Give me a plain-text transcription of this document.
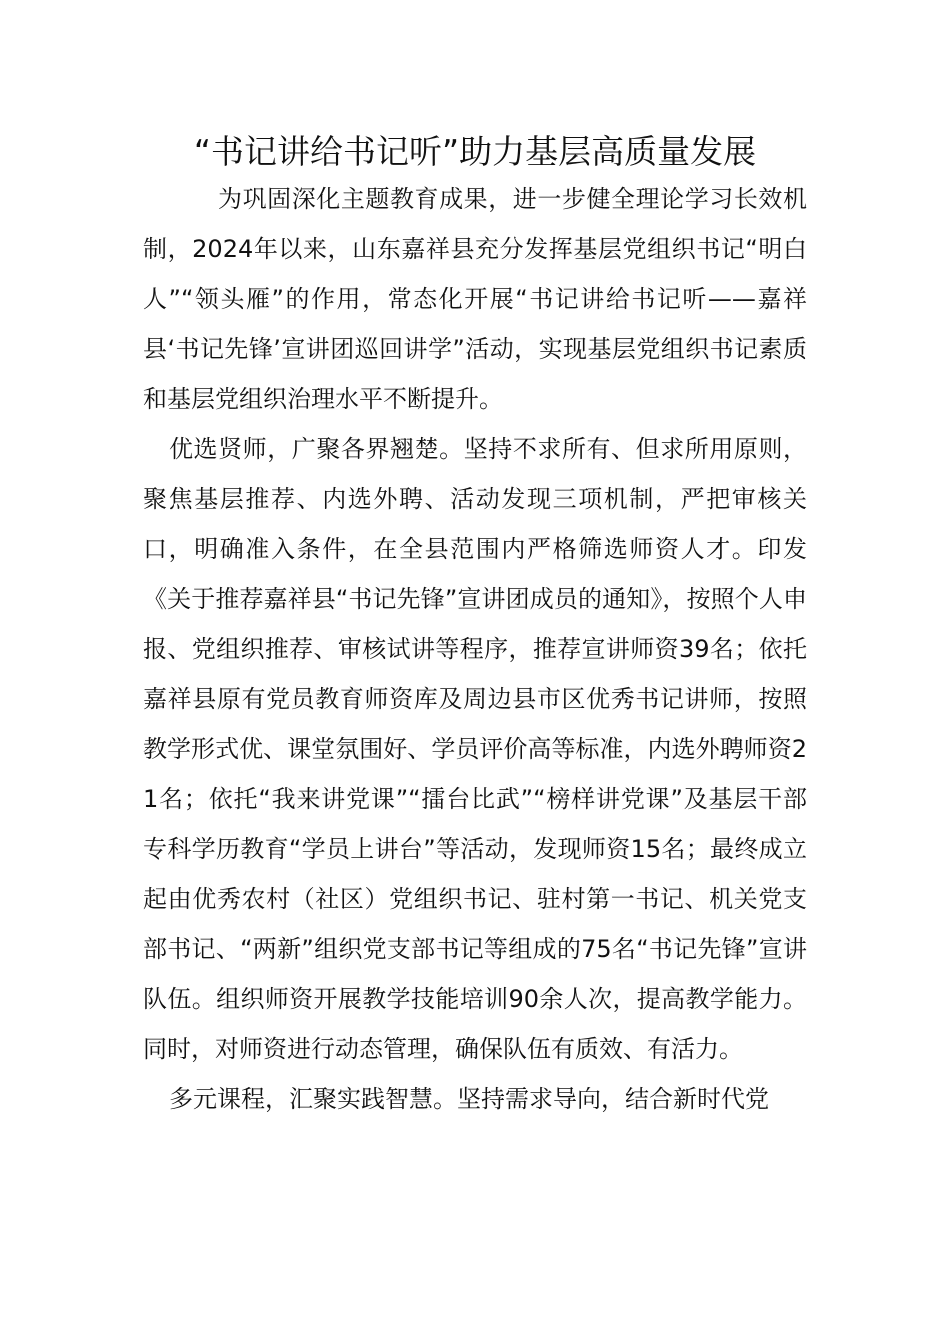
“书记讲给书记听”助力基层高质量发展

为巩固深化主题教育成果，进一步健全理论学习长效机制，2024年以来，山东嘉祥县充分发挥基层党组织书记“明白人”“领头雁”的作用，常态化开展“书记讲给书记听——嘉祥县‘书记先锋’宣讲团巡回讲学”活动，实现基层党组织书记素质和基层党组织治理水平不断提升。

优选贤师，广聚各界翘楚。坚持不求所有、但求所用原则，聚焦基层推荐、内选外聘、活动发现三项机制，严把审核关口，明确准入条件，在全县范围内严格筛选师资人才。印发《关于推荐嘉祥县“书记先锋”宣讲团成员的通知》，按照个人申报、党组织推荐、审核试讲等程序，推荐宣讲师资39名；依托嘉祥县原有党员教育师资库及周边县市区优秀书记讲师，按照教学形式优、课堂氛围好、学员评价高等标准，内选外聘师资21名；依托“我来讲党课”“擂台比武”“榜样讲党课”及基层干部专科学历教育“学员上讲台”等活动，发现师资15名；最终成立起由优秀农村（社区）党组织书记、驻村第一书记、机关党支部书记、“两新”组织党支部书记等组成的75名“书记先锋”宣讲队伍。组织师资开展教学技能培训90余人次，提高教学能力。同时，对师资进行动态管理，确保队伍有质效、有活力。

多元课程，汇聚实践智慧。坚持需求导向，结合新时代党
